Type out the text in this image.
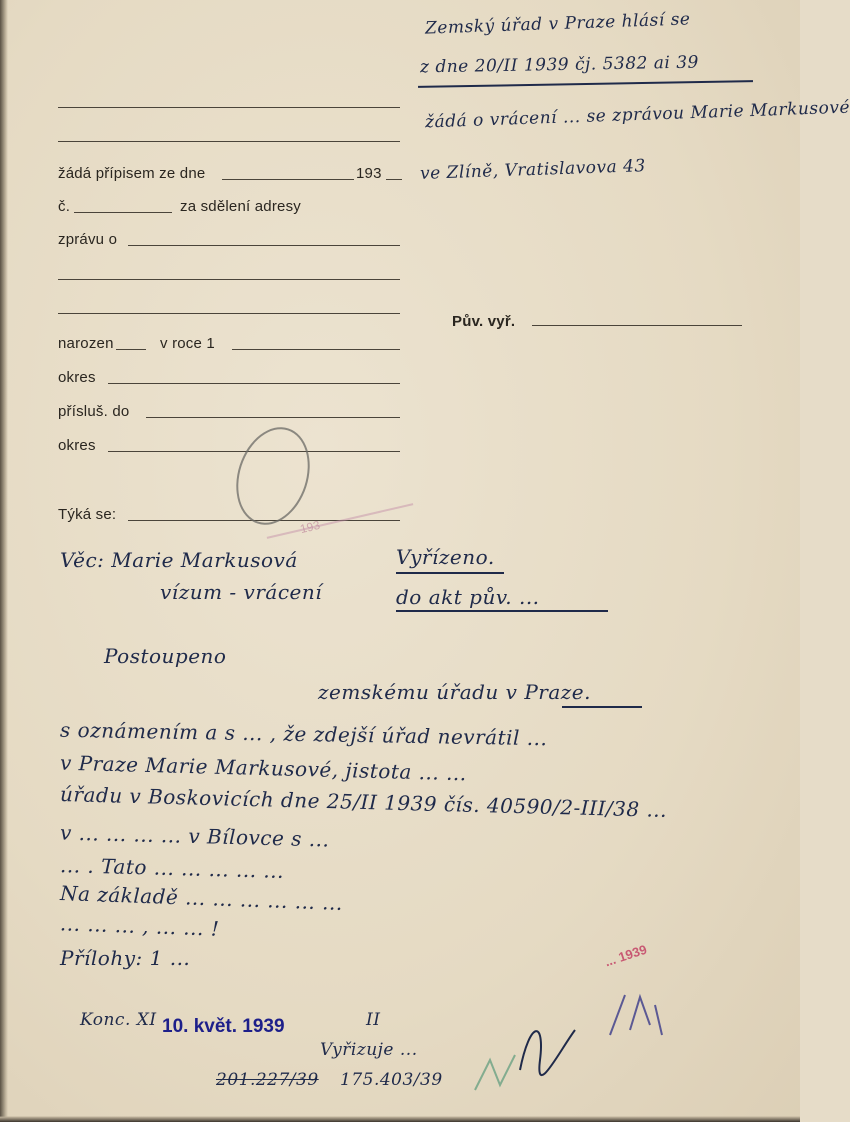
Zemský úřad v Praze hlásí se
z dne 20/II 1939 čj. 5382 ai 39
žádá o vrácení ... se zprávou Marie Markusové
ve Zlíně, Vratislavova 43
žádá přípisem ze dne	193
č.	za sdělení adresy
zprávu o
narozen	v roce 1
okres
přísluš. do
okres
Týká se:
Pův. vyř.
193
Věc: Marie Markusová
vízum - vrácení
Vyřízeno.
do akt pův. ...
Postoupeno
zemskému úřadu v Praze.
s oznámením a s ... , že zdejší úřad nevrátil ...
v Praze Marie Markusové, jistota ... ...
úřadu v Boskovicích dne 25/II 1939 čís. 40590/2-III/38 ...
v ... ... ... ... v Bílovce s ...
... . Tato ... ... ... ... ...
Na základě ... ... ... ... ... ...
... ... ... , ... ... !
Přílohy: 1 ...	... 1939
Konc. XI 10. květ. 1939	II
Vyřizuje ...
201.227/39 175.403/39
